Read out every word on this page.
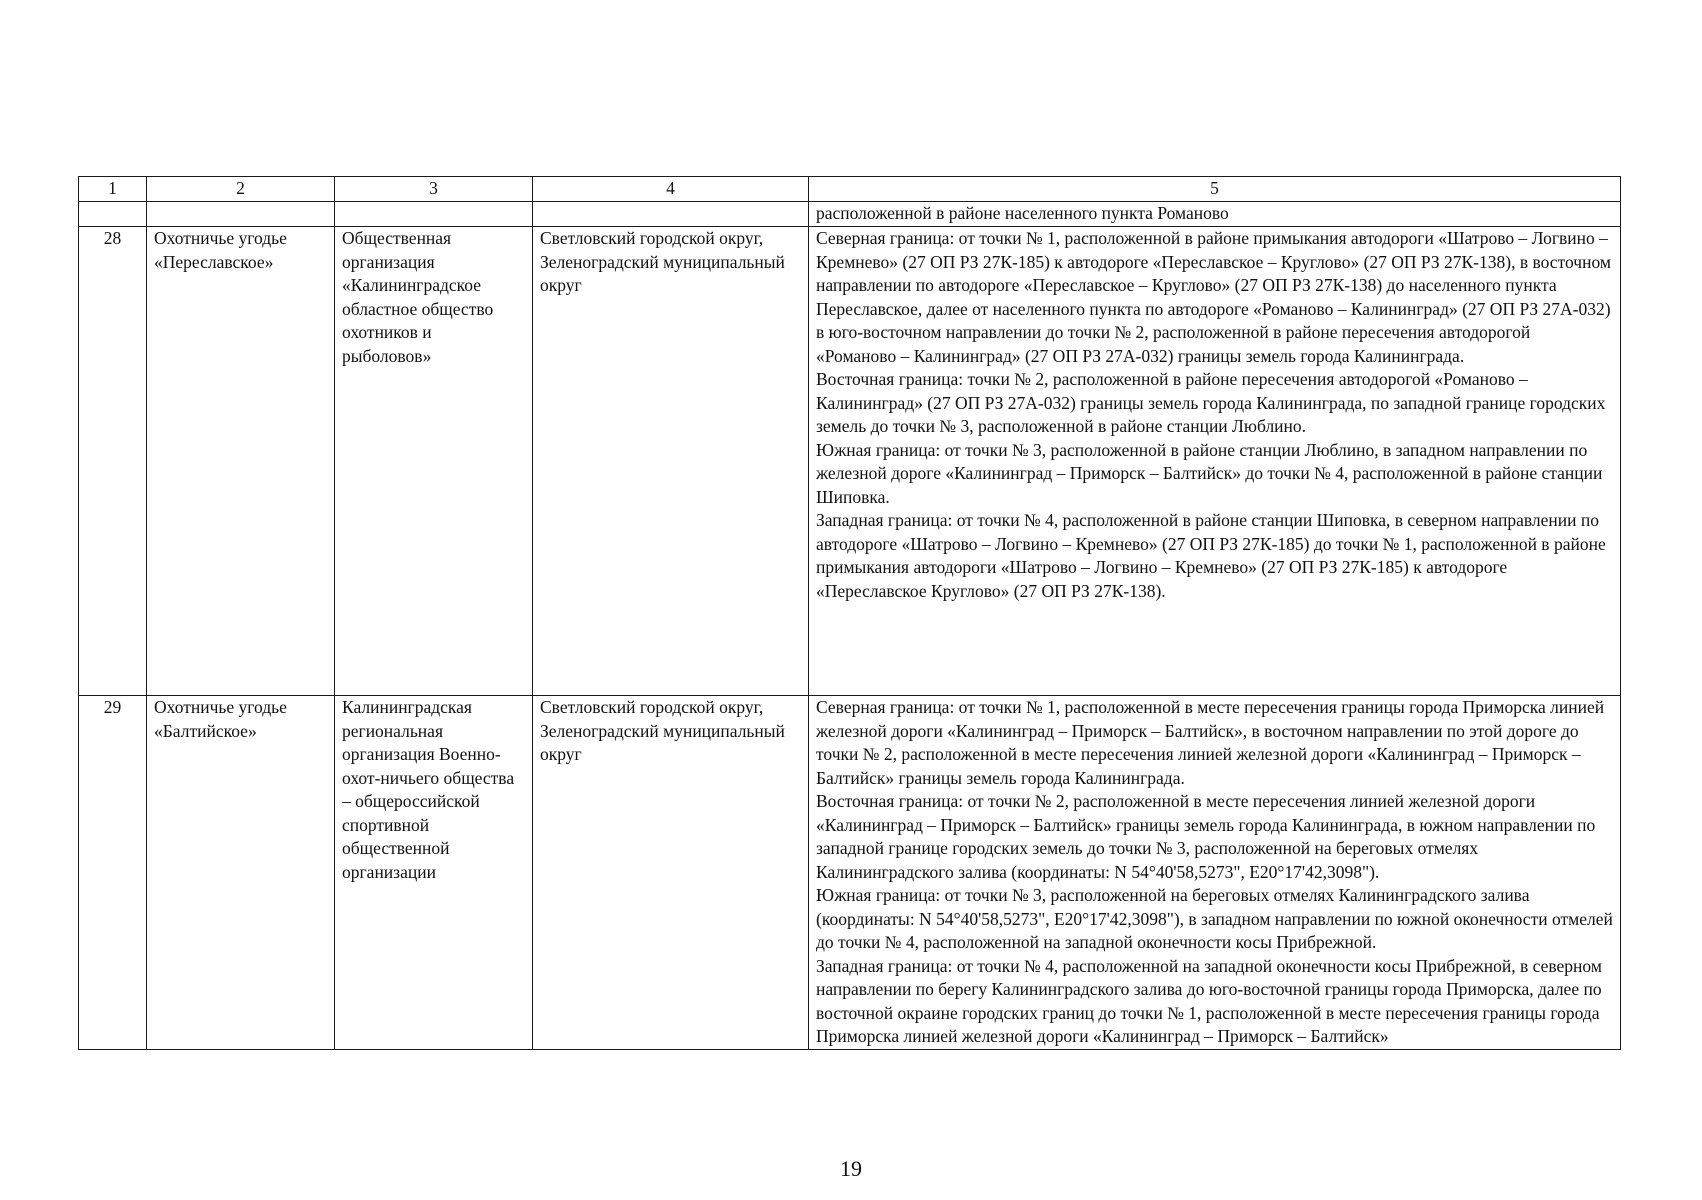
1	2	3	4	5
				расположенной в районе населенного пункта Романово
28	Охотничье угодье «Переславское»	Общественная организация «Калининградское областное общество охотников и рыболовов»	Светловский городской округ, Зеленоградский муниципальный округ	Северная граница: от точки № 1, расположенной в районе примыкания автодороги «Шатрово – Логвино – Кремнево» (27 ОП РЗ 27К-185) к автодороге «Переславское – Круглово» (27 ОП РЗ 27К-138), в восточном направлении по автодороге «Переславское – Круглово» (27 ОП РЗ 27К-138) до населенного пункта Переславское, далее от населенного пункта по автодороге «Романово – Калининград» (27 ОП РЗ 27А-032) в юго-восточном направлении до точки № 2, расположенной в районе пересечения автодорогой «Романово – Калининград» (27 ОП РЗ 27А-032) границы земель города Калининграда.
Восточная граница: точки № 2, расположенной в районе пересечения автодорогой «Романово – Калининград» (27 ОП РЗ 27А-032) границы земель города Калининграда, по западной границе городских земель до точки № 3, расположенной в районе станции Люблино.
Южная граница: от точки № 3, расположенной в районе станции Люблино, в западном направлении по железной дороге «Калининград – Приморск – Балтийск» до точки № 4, расположенной в районе станции Шиповка.
Западная граница: от точки № 4, расположенной в районе станции Шиповка, в северном направлении по автодороге «Шатрово – Логвино – Кремнево» (27 ОП РЗ 27К-185) до точки № 1, расположенной в районе примыкания автодороги «Шатрово – Логвино – Кремнево» (27 ОП РЗ 27К-185) к автодороге «Переславское Круглово» (27 ОП РЗ 27К-138).

29	Охотничье угодье «Балтийское»	Калининградская региональная организация Военно-охот-ничьего общества – общероссийской спортивной общественной организации	Светловский городской округ, Зеленоградский муниципальный округ	Северная граница: от точки № 1, расположенной в месте пересечения границы города Приморска линией железной дороги «Калининград – Приморск – Балтийск», в восточном направлении по этой дороге до точки № 2, расположенной в месте пересечения линией железной дороги «Калининград – Приморск – Балтийск» границы земель города Калининграда.
Восточная граница: от точки № 2, расположенной в месте пересечения линией железной дороги «Калининград – Приморск – Балтийск» границы земель города Калининграда, в южном направлении по западной границе городских земель до точки № 3, расположенной на береговых отмелях Калининградского залива (координаты: N 54°40'58,5273", E20°17'42,3098").
Южная граница: от точки № 3, расположенной на береговых отмелях Калининградского залива (координаты: N 54°40'58,5273", E20°17'42,3098"), в западном направлении по южной оконечности отмелей до точки № 4, расположенной на западной оконечности косы Прибрежной.
Западная граница: от точки № 4, расположенной на западной оконечности косы Прибрежной, в северном направлении по берегу Калининградского залива до юго-восточной границы города Приморска, далее по восточной окраине городских границ до точки № 1, расположенной в месте пересечения границы города Приморска линией железной дороги «Калининград – Приморск – Балтийск»
19
